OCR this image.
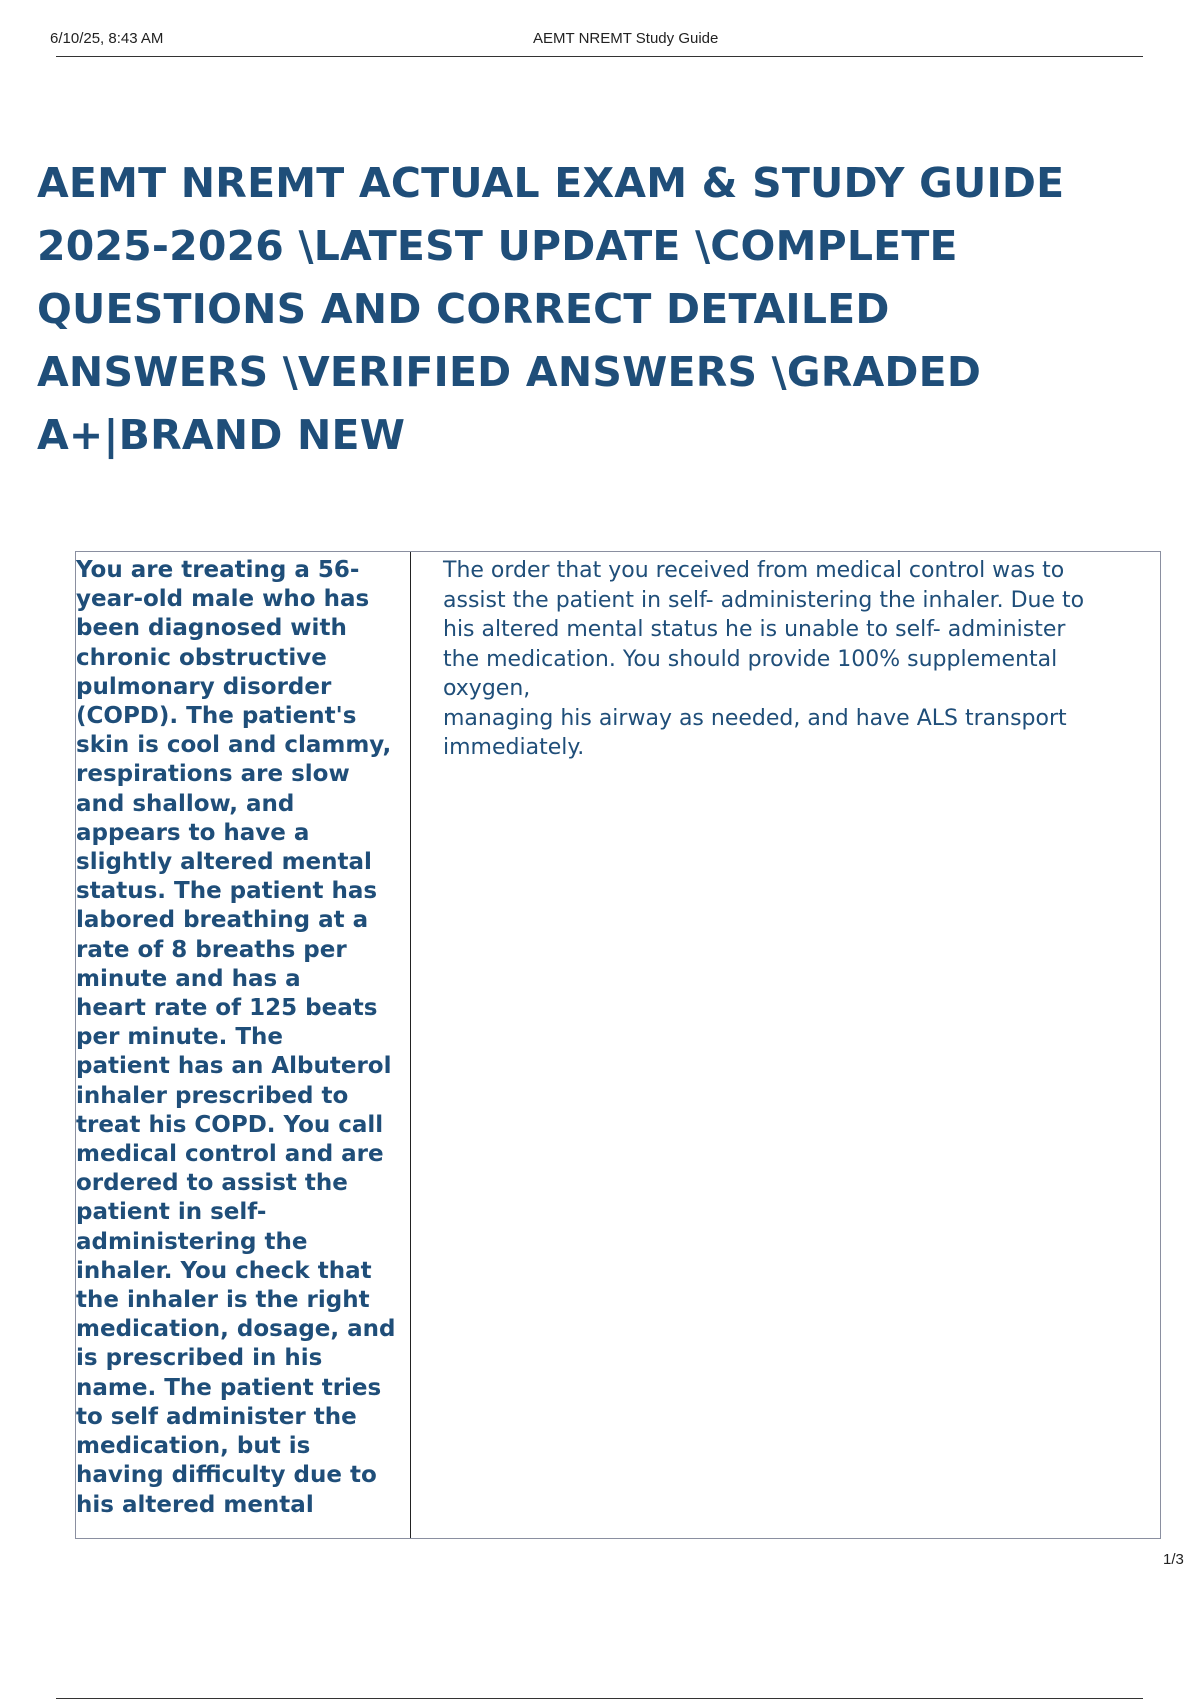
6/10/25, 8:43 AM	AEMT NREMT Study Guide
AEMT NREMT ACTUAL EXAM & STUDY GUIDE
2025-2026 \LATEST UPDATE \COMPLETE
QUESTIONS AND CORRECT DETAILED
ANSWERS \VERIFIED ANSWERS \GRADED
A+|BRAND NEW
You are treating a 56-
year-old male who has
been diagnosed with
chronic obstructive
pulmonary disorder
(COPD). The patient's
skin is cool and clammy,
respirations are slow
and shallow, and
appears to have a
slightly altered mental
status. The patient has
labored breathing at a
rate of 8 breaths per
minute and has a
heart rate of 125 beats
per minute. The
patient has an Albuterol
inhaler prescribed to
treat his COPD. You call
medical control and are
ordered to assist the
patient in self-
administering the
inhaler. You check that
the inhaler is the right
medication, dosage, and
is prescribed in his
name. The patient tries
to self administer the
medication, but is
having difficulty due to
his altered mental
The order that you received from medical control was to
assist the patient in self- administering the inhaler. Due to
his altered mental status he is unable to self- administer
the medication. You should provide 100% supplemental
oxygen,
managing his airway as needed, and have ALS transport
immediately.
1/3
